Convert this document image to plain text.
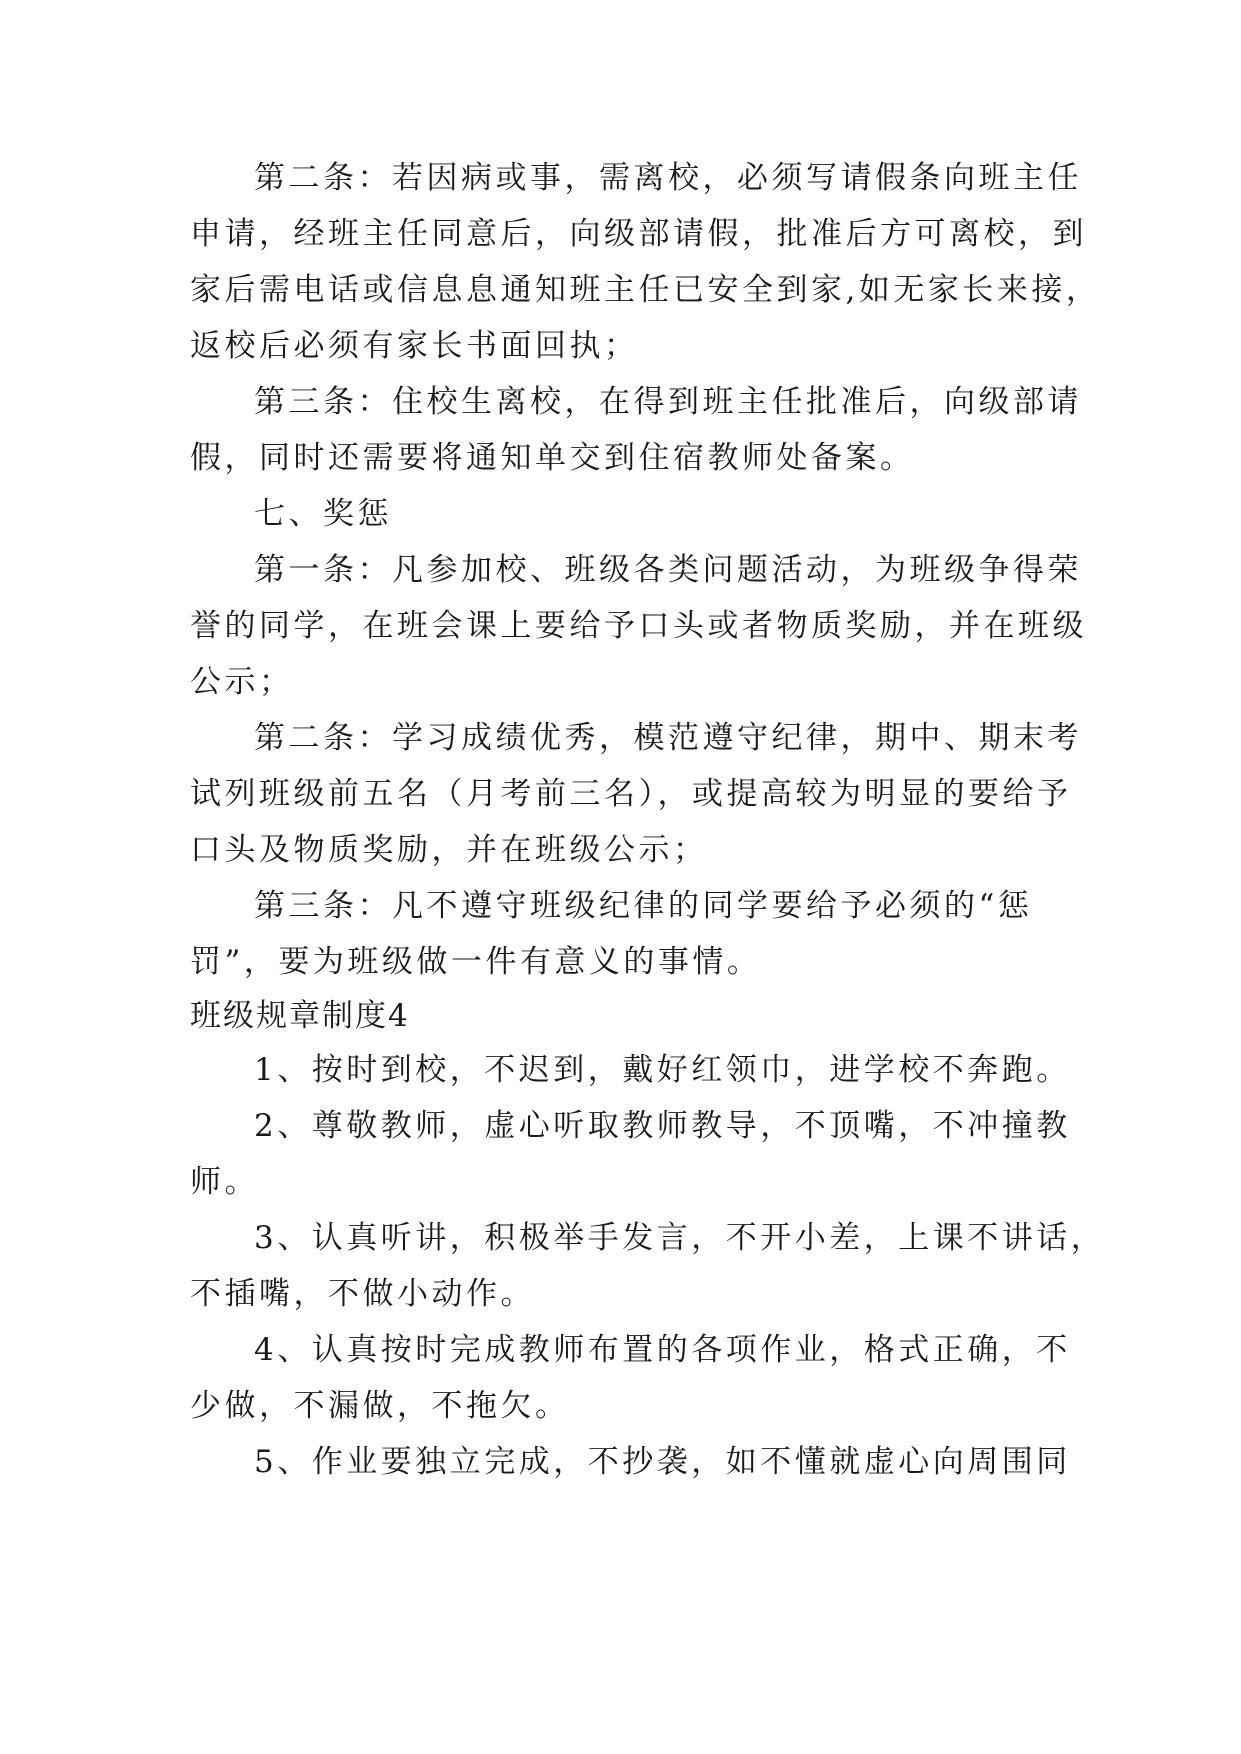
第二条：若因病或事，需离校，必须写请假条向班主任
申请，经班主任同意后，向级部请假，批准后方可离校，到
家后需电话或信息息通知班主任已安全到家,如无家长来接，
返校后必须有家长书面回执；
第三条：住校生离校，在得到班主任批准后，向级部请
假，同时还需要将通知单交到住宿教师处备案。
七、奖惩
第一条：凡参加校、班级各类问题活动，为班级争得荣
誉的同学，在班会课上要给予口头或者物质奖励，并在班级
公示；
第二条：学习成绩优秀，模范遵守纪律，期中、期末考
试列班级前五名（月考前三名），或提高较为明显的要给予
口头及物质奖励，并在班级公示；
第三条：凡不遵守班级纪律的同学要给予必须的“惩
罚”，要为班级做一件有意义的事情。
班级规章制度4
1、按时到校，不迟到，戴好红领巾，进学校不奔跑。
2、尊敬教师，虚心听取教师教导，不顶嘴，不冲撞教
师。
3、认真听讲，积极举手发言，不开小差，上课不讲话，
不插嘴，不做小动作。
4、认真按时完成教师布置的各项作业，格式正确，不
少做，不漏做，不拖欠。
5、作业要独立完成，不抄袭，如不懂就虚心向周围同
